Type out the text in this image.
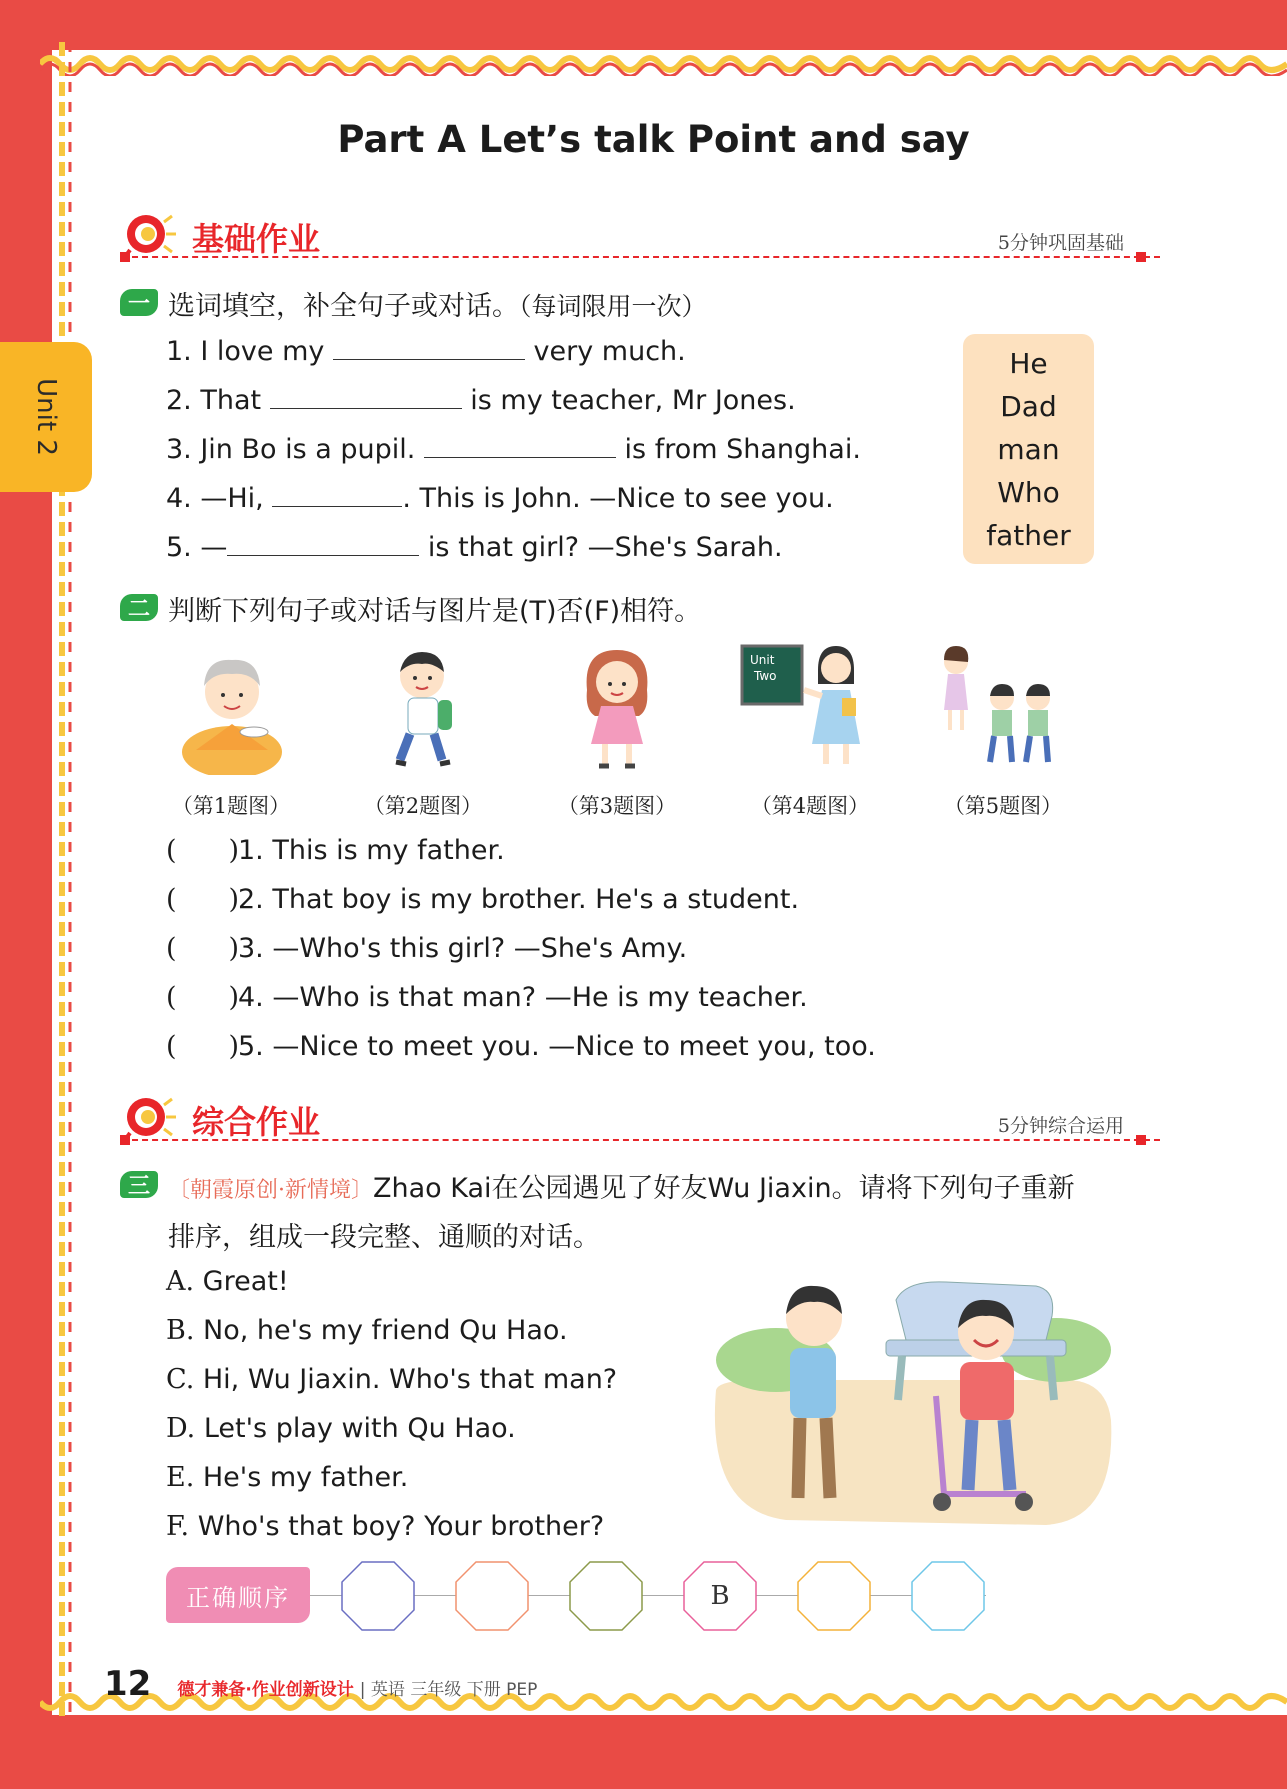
Unit 2
Part A Let’s talk Point and say
基础作业	5分钟巩固基础
一 选词填空，补全句子或对话。（每词限用一次）
1. I love my	very much.
2. That	is my teacher, Mr Jones.
3. Jin Bo is a pupil.	is from Shanghai.
4. —Hi,	. This is John. —Nice to see you.
5. —	is that girl? —She's Sarah.
He
Dad
man
Who
father
二 判断下列句子或对话与图片是(T)否(F)相符。
Unit
Two
（第1题图）	（第2题图）	（第3题图）	（第4题图）	（第5题图）
( )1. This is my father.
( )2. That boy is my brother. He's a student.
( )3. —Who's this girl? —She's Amy.
( )4. —Who is that man? —He is my teacher.
( )5. —Nice to meet you. —Nice to meet you, too.
综合作业	5分钟综合运用
三 〔朝霞原创·新情境〕Zhao Kai在公园遇见了好友Wu Jiaxin。请将下列句子重新
排序，组成一段完整、通顺的对话。
A. Great!
B. No, he's my friend Qu Hao.
C. Hi, Wu Jiaxin. Who's that man?
D. Let's play with Qu Hao.
E. He's my father.
F. Who's that boy? Your brother?
正确顺序	B
12 德才兼备·作业创新设计 | 英语 三年级 下册 PEP
